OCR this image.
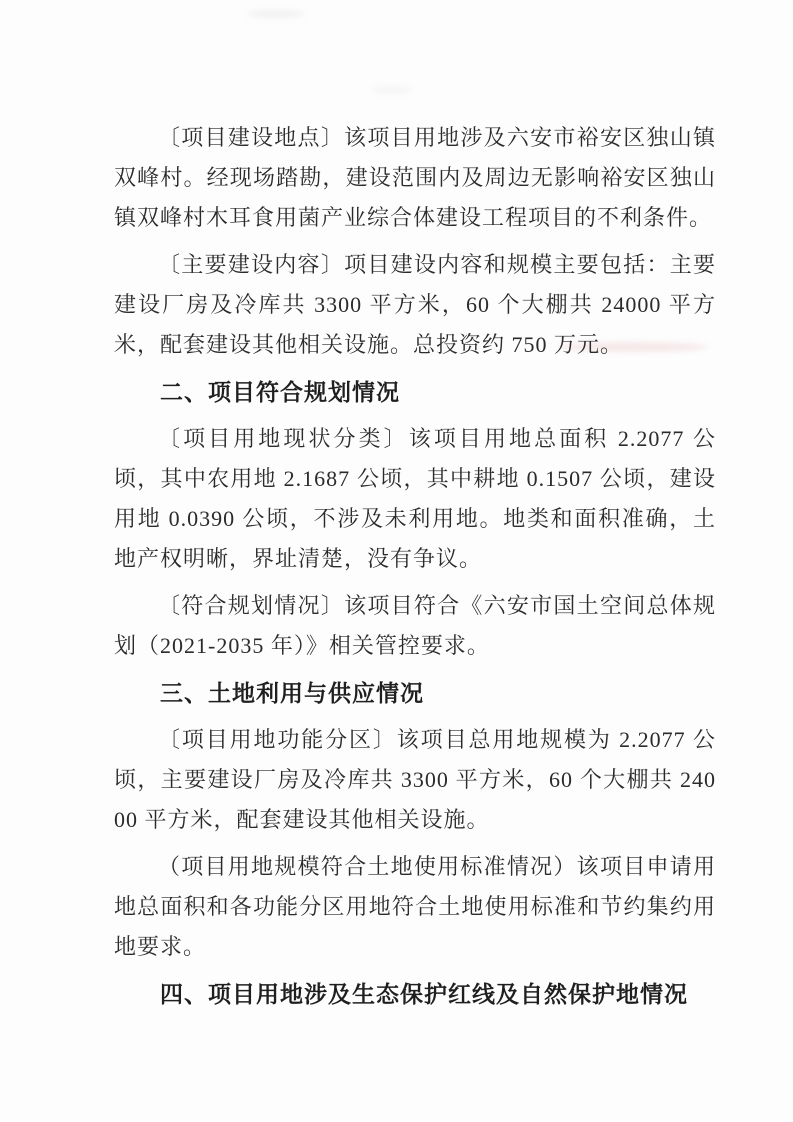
〔项目建设地点〕该项目用地涉及六安市裕安区独山镇双峰村。经现场踏勘，建设范围内及周边无影响裕安区独山镇双峰村木耳食用菌产业综合体建设工程项目的不利条件。

〔主要建设内容〕项目建设内容和规模主要包括：主要建设厂房及冷库共 3300 平方米，60 个大棚共 24000 平方米，配套建设其他相关设施。总投资约 750 万元。

二、项目符合规划情况

〔项目用地现状分类〕该项目用地总面积 2.2077 公顷，其中农用地 2.1687 公顷，其中耕地 0.1507 公顷，建设用地 0.0390 公顷，不涉及未利用地。地类和面积准确，土地产权明晰，界址清楚，没有争议。

〔符合规划情况〕该项目符合《六安市国土空间总体规划（2021-2035 年）》相关管控要求。

三、土地利用与供应情况

〔项目用地功能分区〕该项目总用地规模为 2.2077 公顷，主要建设厂房及冷库共 3300 平方米，60 个大棚共 24000 平方米，配套建设其他相关设施。

（项目用地规模符合土地使用标准情况）该项目申请用地总面积和各功能分区用地符合土地使用标准和节约集约用地要求。

四、项目用地涉及生态保护红线及自然保护地情况
